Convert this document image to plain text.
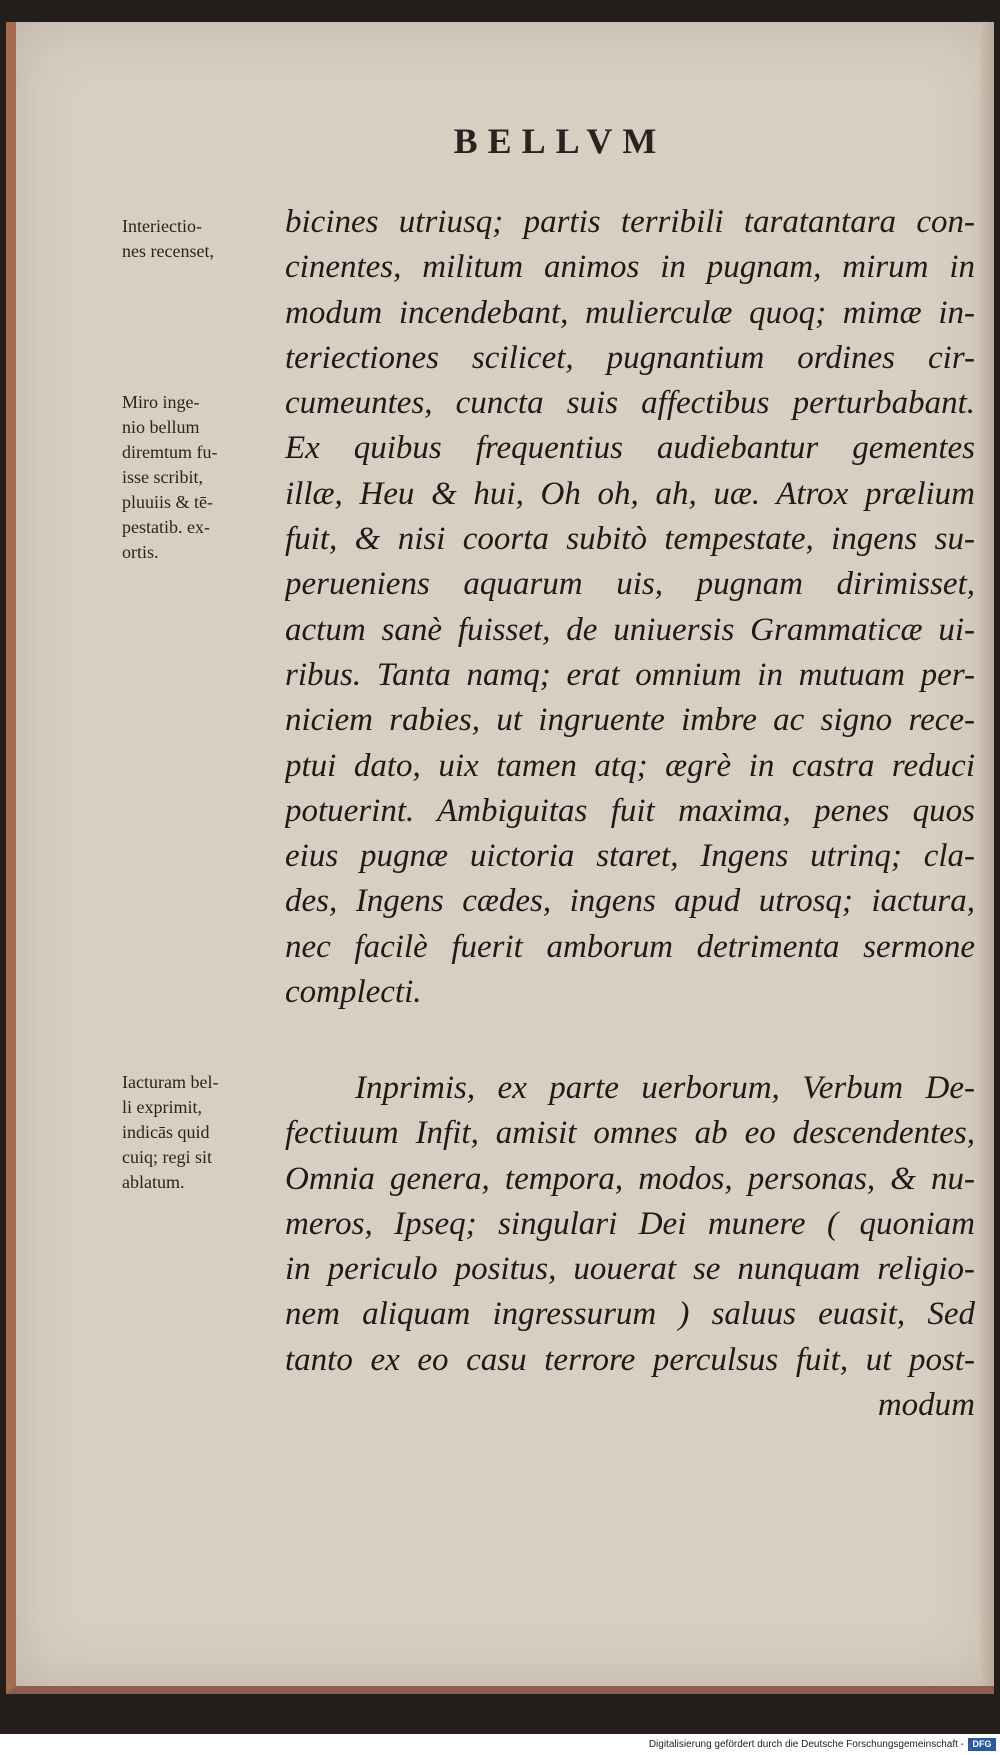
BELLVM
Interiectio-
nes recenset,
Miro inge-
nio bellum
diremtum fu-
isse scribit,
pluuiis & tē-
pestatib. ex-
ortis.
Iacturam bel-
li exprimit,
indicās quid
cuiq; regi sit
ablatum.
bicines utriusq; partis terribili taratantara con-
cinentes, militum animos in pugnam, mirum in
modum incendebant, mulierculæ quoq; mimæ in-
teriectiones scilicet, pugnantium ordines cir-
cumeuntes, cuncta suis affectibus perturbabant.
Ex quibus frequentius audiebantur gementes
illæ, Heu & hui, Oh oh, ah, uæ. Atrox prælium
fuit, & nisi coorta subitò tempestate, ingens su-
perueniens aquarum uis, pugnam dirimisset,
actum sanè fuisset, de uniuersis Grammaticæ ui-
ribus. Tanta namq; erat omnium in mutuam per-
niciem rabies, ut ingruente imbre ac signo rece-
ptui dato, uix tamen atq; ægrè in castra reduci
potuerint. Ambiguitas fuit maxima, penes quos
eius pugnæ uictoria staret, Ingens utrinq; cla-
des, Ingens cædes, ingens apud utrosq; iactura,
nec facilè fuerit amborum detrimenta sermone
complecti.
Inprimis, ex parte uerborum, Verbum De-
fectiuum Infit, amisit omnes ab eo descendentes,
Omnia genera, tempora, modos, personas, & nu-
meros, Ipseq; singulari Dei munere ( quoniam
in periculo positus, uouerat se nunquam religio-
nem aliquam ingressurum ) saluus euasit, Sed
tanto ex eo casu terrore perculsus fuit, ut post-
modum
Digitalisierung gefördert durch die Deutsche Forschungsgemeinschaft - DFG
